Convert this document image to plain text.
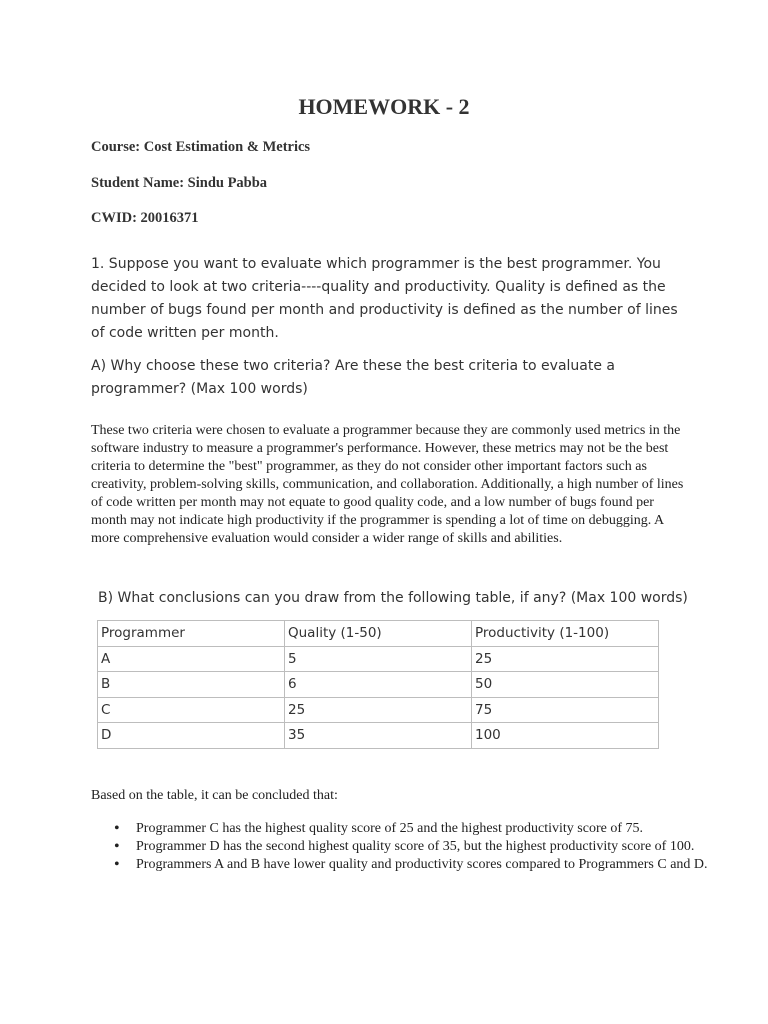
HOMEWORK - 2
Course: Cost Estimation & Metrics
Student Name: Sindu Pabba
CWID: 20016371
1. Suppose you want to evaluate which programmer is the best programmer. You decided to look at two criteria----quality and productivity. Quality is defined as the number of bugs found per month and productivity is defined as the number of lines of code written per month.
A) Why choose these two criteria? Are these the best criteria to evaluate a programmer? (Max 100 words)
These two criteria were chosen to evaluate a programmer because they are commonly used metrics in the software industry to measure a programmer's performance. However, these metrics may not be the best criteria to determine the "best" programmer, as they do not consider other important factors such as creativity, problem-solving skills, communication, and collaboration. Additionally, a high number of lines of code written per month may not equate to good quality code, and a low number of bugs found per month may not indicate high productivity if the programmer is spending a lot of time on debugging. A more comprehensive evaluation would consider a wider range of skills and abilities.
B) What conclusions can you draw from the following table, if any? (Max 100 words)
Programmer	Quality (1-50)	Productivity (1-100)
A	5	25
B	6	50
C	25	75
D	35	100
Based on the table, it can be concluded that:
• Programmer C has the highest quality score of 25 and the highest productivity score of 75.
• Programmer D has the second highest quality score of 35, but the highest productivity score of 100.
• Programmers A and B have lower quality and productivity scores compared to Programmers C and D.
